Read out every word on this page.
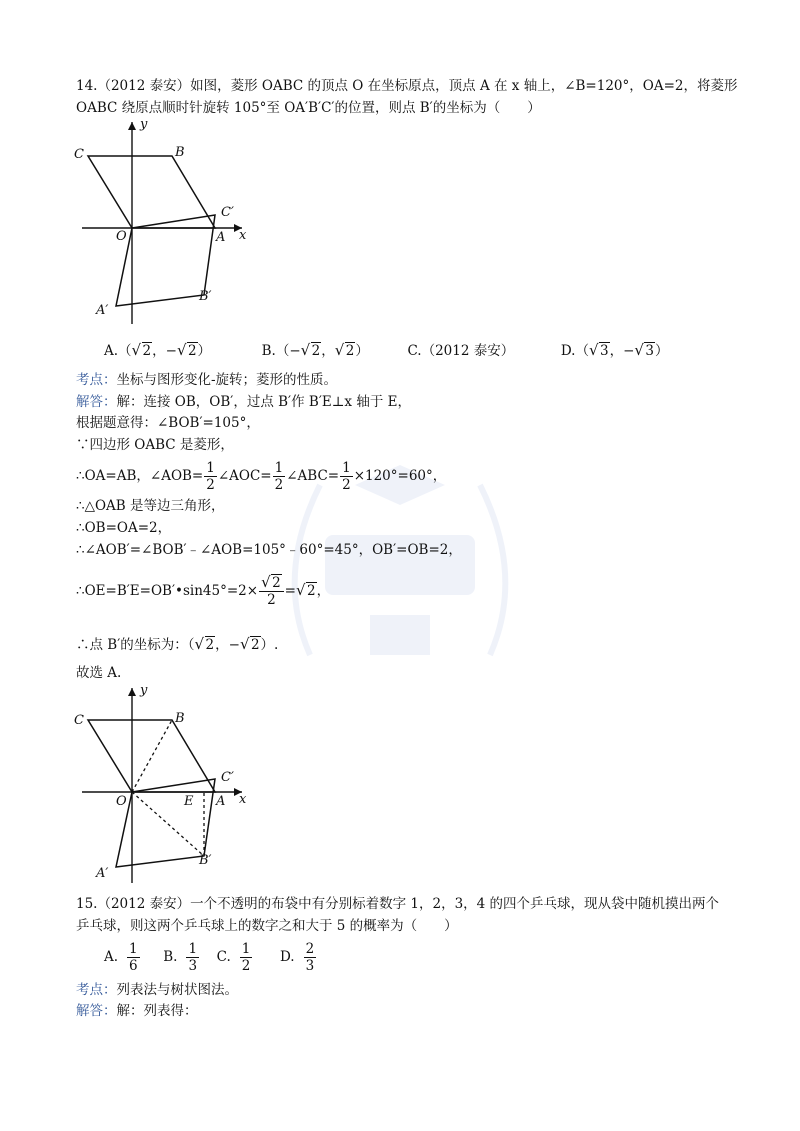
14.（2012 泰安）如图，菱形 OABC 的顶点 O 在坐标原点，顶点 A 在 x 轴上，∠B=120°，OA=2，将菱形
OABC 绕原点顺时针旋转 105°至 OA′B′C′的位置，则点 B′的坐标为（　　）
y
x
O	A
B
C
A′
B′
C′
A.（ √ 2，− √ 2）	B.（− √ 2， √ 2）	C.（2012 泰安）	D.（ √ 3，− √ 3）
考点：坐标与图形变化-旋转；菱形的性质。
解答：解：连接 OB，OB′，过点 B′作 B′E⊥x 轴于 E，
根据题意得：∠BOB′=105°，
∵四边形 OABC 是菱形，
∴OA=AB，∠AOB= $\frac{1}{2}$ ∠AOC= $\frac{1}{2}$ ∠ABC= $\frac{1}{2} \times 120^\circ=60^\circ$，
∴△OAB 是等边三角形，
∴OB=OA=2，
∴∠AOB′=∠BOB′﹣∠AOB=105°﹣60°=45°，OB′=OB=2，
∴OE=B′E=OB′•sin45°=2× √ $\frac{2}{2}$ = √ 2，
∴点 B′的坐标为：（ √ 2，− √ 2）.
故选 A.
y
x
O	A
B
C
E
A′
B′
C′
15.（2012 泰安）一个不透明的布袋中有分别标着数字 1，2，3，4 的四个乒乓球，现从袋中随机摸出两个
乒乓球，则这两个乒乓球上的数字之和大于 5 的概率为（　　）
A. $\frac{1}{6} B$. $\frac{1}{3} C$. $\frac{1}{2} D$. $\frac{2}{3}$
考点：列表法与树状图法。
解答：解：列表得：
